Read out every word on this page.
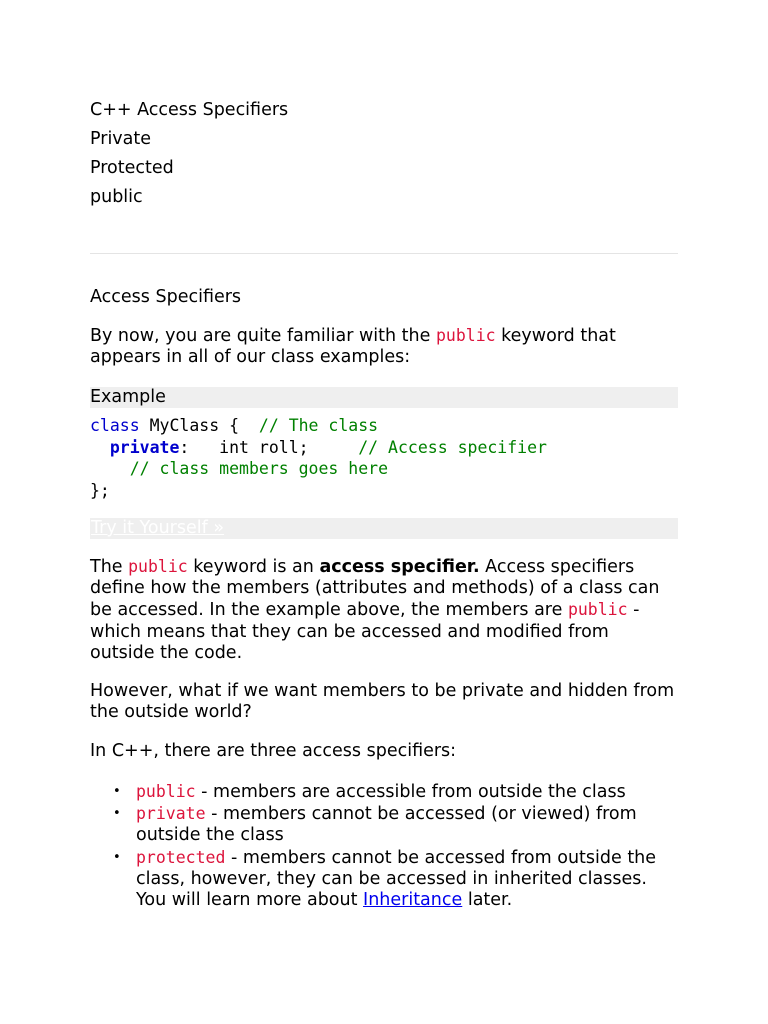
C++ Access Specifiers
Private
Protected
public
Access Specifiers

By now, you are quite familiar with the public keyword that appears in all of our class examples:

Example
class MyClass {  // The class
private:   int roll;     // Access specifier
// class members goes here
};
Try it Yourself »

The public keyword is an access specifier. Access specifiers define how the members (attributes and methods) of a class can be accessed. In the example above, the members are public - which means that they can be accessed and modified from outside the code.

However, what if we want members to be private and hidden from the outside world?

In C++, there are three access specifiers:

• public - members are accessible from outside the class
• private - members cannot be accessed (or viewed) from outside the class
• protected - members cannot be accessed from outside the class, however, they can be accessed in inherited classes. You will learn more about Inheritance later.
